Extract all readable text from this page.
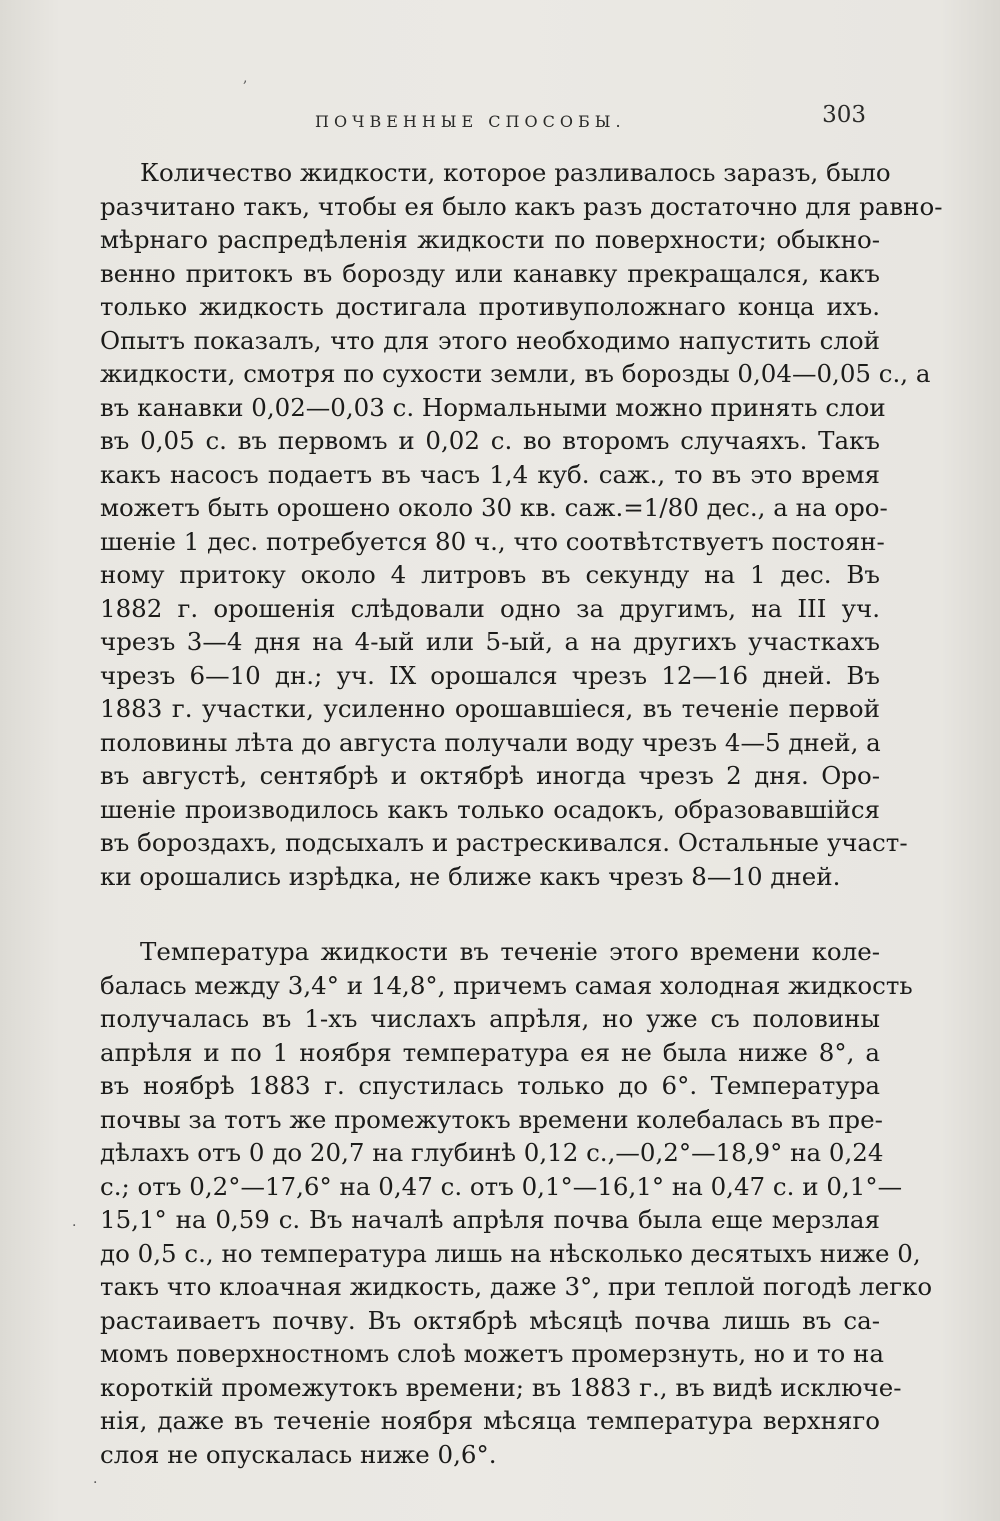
ПОЧВЕННЫЕ СПОСОБЫ.	303
Количество жидкости, которое разливалось заразъ, было
разчитано такъ, чтобы ея было какъ разъ достаточно для равно-
мѣрнаго распредѣленія жидкости по поверхности; обыкно-
венно притокъ въ борозду или канавку прекращался, какъ
только жидкость достигала противуположнаго конца ихъ.
Опытъ показалъ, что для этого необходимо напустить слой
жидкости, смотря по сухости земли, въ борозды 0,04—0,05 с., а
въ канавки 0,02—0,03 с. Нормальными можно принять слои
въ 0,05 с. въ первомъ и 0,02 с. во второмъ случаяхъ. Такъ
какъ насосъ подаетъ въ часъ 1,4 куб. саж., то въ это время
можетъ быть орошено около 30 кв. саж.=1/80 дес., а на оро-
шеніе 1 дес. потребуется 80 ч., что соотвѣтствуетъ постоян-
ному притоку около 4 литровъ въ секунду на 1 дес. Въ
1882 г. орошенія слѣдовали одно за другимъ, на III уч.
чрезъ 3—4 дня на 4-ый или 5-ый, а на другихъ участкахъ
чрезъ 6—10 дн.; уч. IX орошался чрезъ 12—16 дней. Въ
1883 г. участки, усиленно орошавшіеся, въ теченіе первой
половины лѣта до августа получали воду чрезъ 4—5 дней, а
въ августѣ, сентябрѣ и октябрѣ иногда чрезъ 2 дня. Оро-
шеніе производилось какъ только осадокъ, образовавшійся
въ бороздахъ, подсыхалъ и растрескивался. Остальные участ-
ки орошались изрѣдка, не ближе какъ чрезъ 8—10 дней.
Температура жидкости въ теченіе этого времени коле-
балась между 3,4° и 14,8°, причемъ самая холодная жидкость
получалась въ 1-хъ числахъ апрѣля, но уже съ половины
апрѣля и по 1 ноября температура ея не была ниже 8°, а
въ ноябрѣ 1883 г. спустилась только до 6°. Температура
почвы за тотъ же промежутокъ времени колебалась въ пре-
дѣлахъ отъ 0 до 20,7 на глубинѣ 0,12 с.,—0,2°—18,9° на 0,24
с.; отъ 0,2°—17,6° на 0,47 с. отъ 0,1°—16,1° на 0,47 с. и 0,1°—
15,1° на 0,59 с. Въ началѣ апрѣля почва была еще мерзлая
до 0,5 с., но температура лишь на нѣсколько десятыхъ ниже 0,
такъ что клоачная жидкость, даже 3°, при теплой погодѣ легко
растаиваетъ почву. Въ октябрѣ мѣсяцѣ почва лишь въ са-
момъ поверхностномъ слоѣ можетъ промерзнуть, но и то на
короткій промежутокъ времени; въ 1883 г., въ видѣ исключе-
нія, даже въ теченіе ноября мѣсяца температура верхняго
слоя не опускалась ниже 0,6°.
,
·
·
